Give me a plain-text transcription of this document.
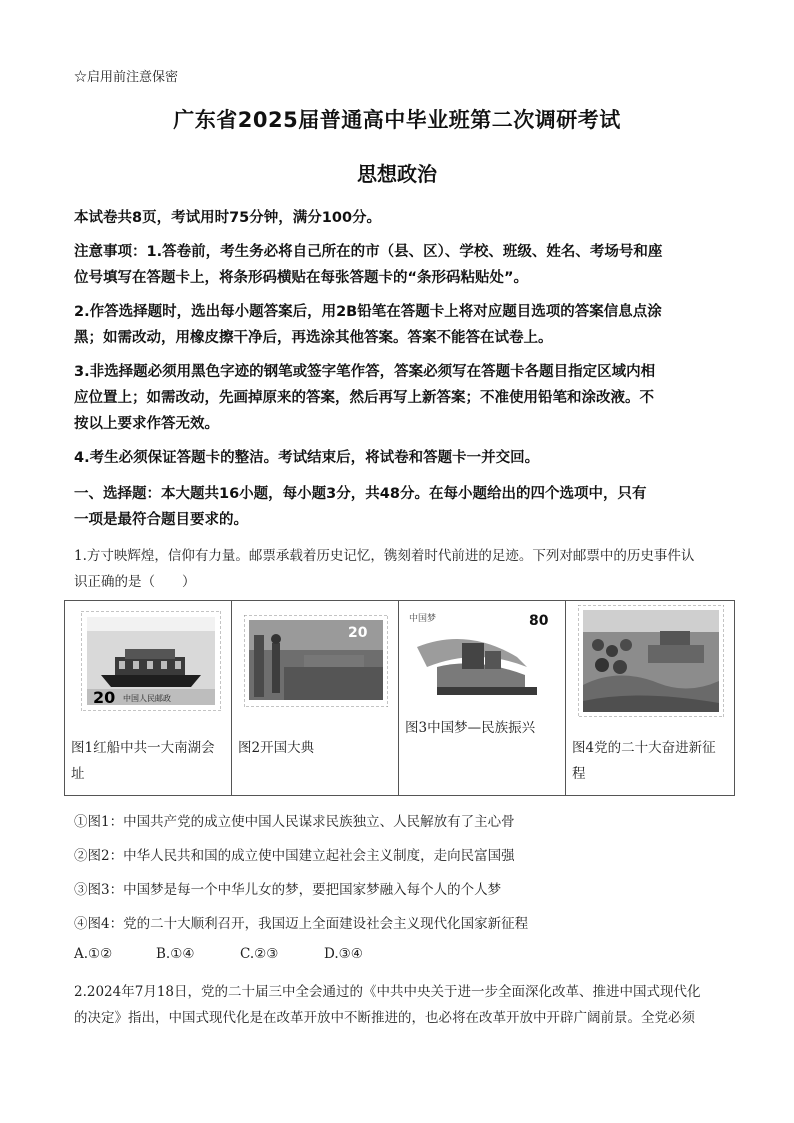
☆启用前注意保密
广东省2025届普通高中毕业班第二次调研考试
思想政治
本试卷共8页，考试用时75分钟，满分100分。
注意事项：1.答卷前，考生务必将自己所在的市（县、区）、学校、班级、姓名、考场号和座
位号填写在答题卡上，将条形码横贴在每张答题卡的“条形码粘贴处”。
2.作答选择题时，选出每小题答案后，用2B铅笔在答题卡上将对应题目选项的答案信息点涂
黑；如需改动，用橡皮擦干净后，再选涂其他答案。答案不能答在试卷上。
3.非选择题必须用黑色字迹的钢笔或签字笔作答，答案必须写在答题卡各题目指定区域内相
应位置上；如需改动，先画掉原来的答案，然后再写上新答案；不准使用铅笔和涂改液。不
按以上要求作答无效。
4.考生必须保证答题卡的整洁。考试结束后，将试卷和答题卡一并交回。
一、选择题：本大题共16小题，每小题3分，共48分。在每小题给出的四个选项中，只有
一项是最符合题目要求的。
1.方寸映辉煌，信仰有力量。邮票承载着历史记忆，镌刻着时代前进的足迹。下列对邮票中的历史事件认
识正确的是（　　）
20 中国人民邮政
图1红船中共一大南湖会址

20
图2开国大典

中国梦	80
图3中国梦—民族振兴

图4党的二十大奋进新征程
①图1：中国共产党的成立使中国人民谋求民族独立、人民解放有了主心骨
②图2：中华人民共和国的成立使中国建立起社会主义制度，走向民富国强
③图3：中国梦是每一个中华儿女的梦，要把国家梦融入每个人的个人梦
④图4：党的二十大顺利召开，我国迈上全面建设社会主义现代化国家新征程
A.①②	B.①④	C.②③	D.③④
2.2024年7月18日，党的二十届三中全会通过的《中共中央关于进一步全面深化改革、推进中国式现代化
的决定》指出，中国式现代化是在改革开放中不断推进的，也必将在改革开放中开辟广阔前景。全党必须
